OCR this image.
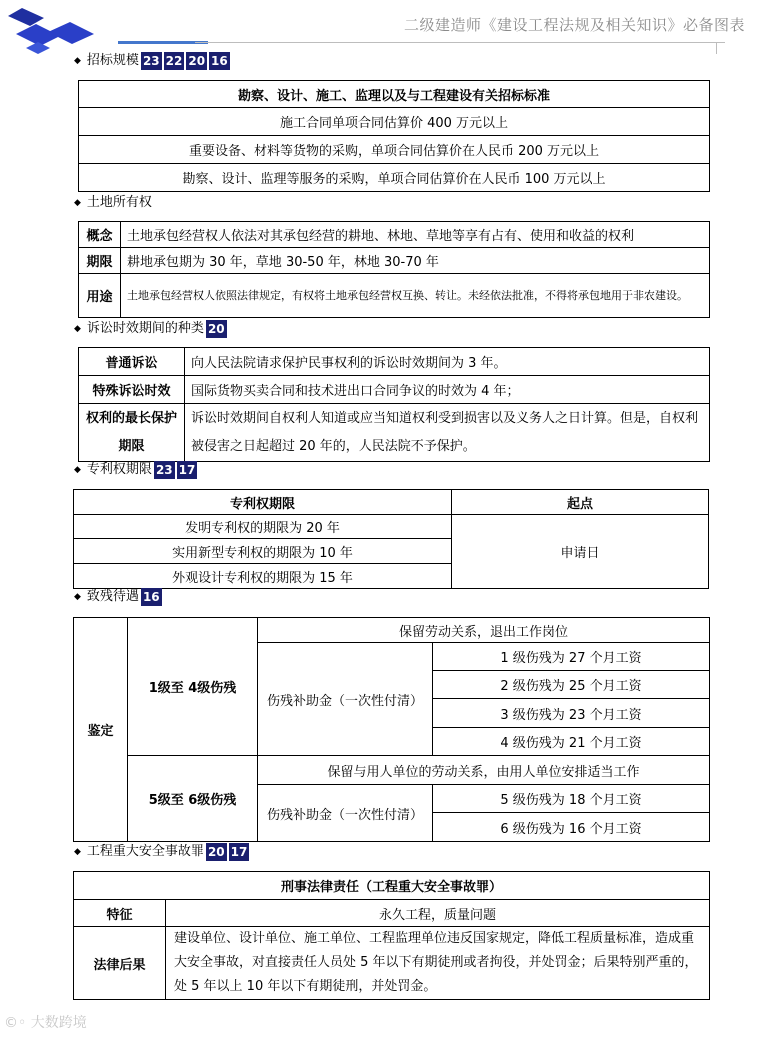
二级建造师《建设工程法规及相关知识》必备图表
◆ 招标规模 23 22 20 16
勘察、设计、施工、监理以及与工程建设有关招标标准
施工合同单项合同估算价 400 万元以上
重要设备、材料等货物的采购，单项合同估算价在人民币 200 万元以上
勘察、设计、监理等服务的采购，单项合同估算价在人民币 100 万元以上
◆ 土地所有权
概念	土地承包经营权人依法对其承包经营的耕地、林地、草地等享有占有、使用和收益的权利
期限	耕地承包期为 30 年，草地 30-50 年，林地 30-70 年
用途	土地承包经营权人依照法律规定，有权将土地承包经营权互换、转让。未经依法批准，不得将承包地用于非农建设。
◆ 诉讼时效期间的种类 20
普通诉讼	向人民法院请求保护民事权利的诉讼时效期间为 3 年。
特殊诉讼时效	国际货物买卖合同和技术进出口合同争议的时效为 4 年；
权利的最长保护期限	诉讼时效期间自权利人知道或应当知道权利受到损害以及义务人之日计算。但是，自权利被侵害之日起超过 20 年的，人民法院不予保护。
◆ 专利权期限 23 17
专利权期限	起点
发明专利权的期限为 20 年	申请日
实用新型专利权的期限为 10 年	
外观设计专利权的期限为 15 年	
◆ 致残待遇 16
鉴定	1级至 4级伤残	保留劳动关系，退出工作岗位	
		伤残补助金（一次性付清）	1 级伤残为 27 个月工资
			2 级伤残为 25 个月工资
			3 级伤残为 23 个月工资
			4 级伤残为 21 个月工资
	5级至 6级伤残	保留与用人单位的劳动关系，由用人单位安排适当工作	
		伤残补助金（一次性付清）	5 级伤残为 18 个月工资
			6 级伤残为 16 个月工资
◆ 工程重大安全事故罪 20 17
刑事法律责任（工程重大安全事故罪）	
特征	永久工程，质量问题
法律后果	建设单位、设计单位、施工单位、工程监理单位违反国家规定，降低工程质量标准，造成重大安全事故，对直接责任人员处 5 年以下有期徒刑或者拘役，并处罚金；后果特别严重的，处 5 年以上 10 年以下有期徒刑，并处罚金。
©◦ 大数跨境
